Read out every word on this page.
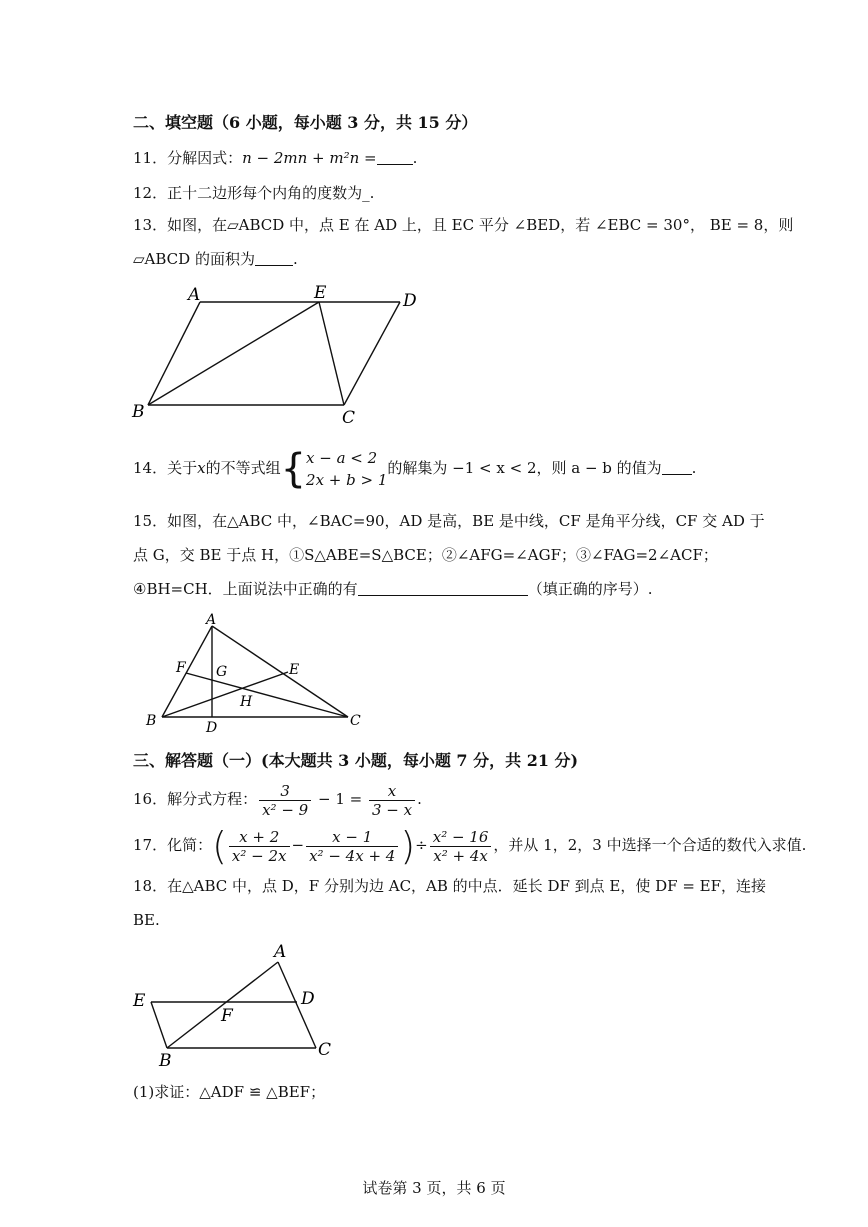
二、填空题（6 小题，每小题 3 分，共 15 分）
11．分解因式：n − 2mn + m²n = .
12．正十二边形每个内角的度数为_.
13．如图，在▱ABCD 中，点 E 在 AD 上，且 EC 平分 ∠BED，若 ∠EBC = 30°， BE = 8，则
▱ABCD 的面积为	.
A	E	D
B	C
14．关于x的不等式组{ x − a < 2
2x + b > 1
的解集为 −1 < x < 2，则 a − b 的值为 .
15．如图，在△ABC 中，∠BAC=90，AD 是高，BE 是中线，CF 是角平分线，CF 交 AD 于
点 G，交 BE 于点 H，①S△ABE=S△BCE；②∠AFG=∠AGF；③∠FAG=2∠ACF；
④BH=CH．上面说法中正确的有	（填正确的序号）.
A
F G	E
H
B	D	C
三、解答题（一）(本大题共 3 小题，每小题 7 分，共 21 分)
16．解分式方程： $\frac{3}{\text{x² − 9}} - 1 = \frac{x}{3 - x}$ .
17．化简：( $\frac{x + 2}{\text{x² − 2x}} - \frac{x - 1}{\text{x² − 4x + 4}}$ )÷ $\frac{\text{x² − 16}}{\text{x² + 4x}}$ ，并从 1，2，3 中选择一个合适的数代入求值.
18．在△ABC 中，点 D，F 分别为边 AC，AB 的中点．延长 DF 到点 E，使 DF = EF，连接
BE.
A
E	D
F
B
C
(1)求证：△ADF ≌ △BEF；
试卷第 3 页，共 6 页
